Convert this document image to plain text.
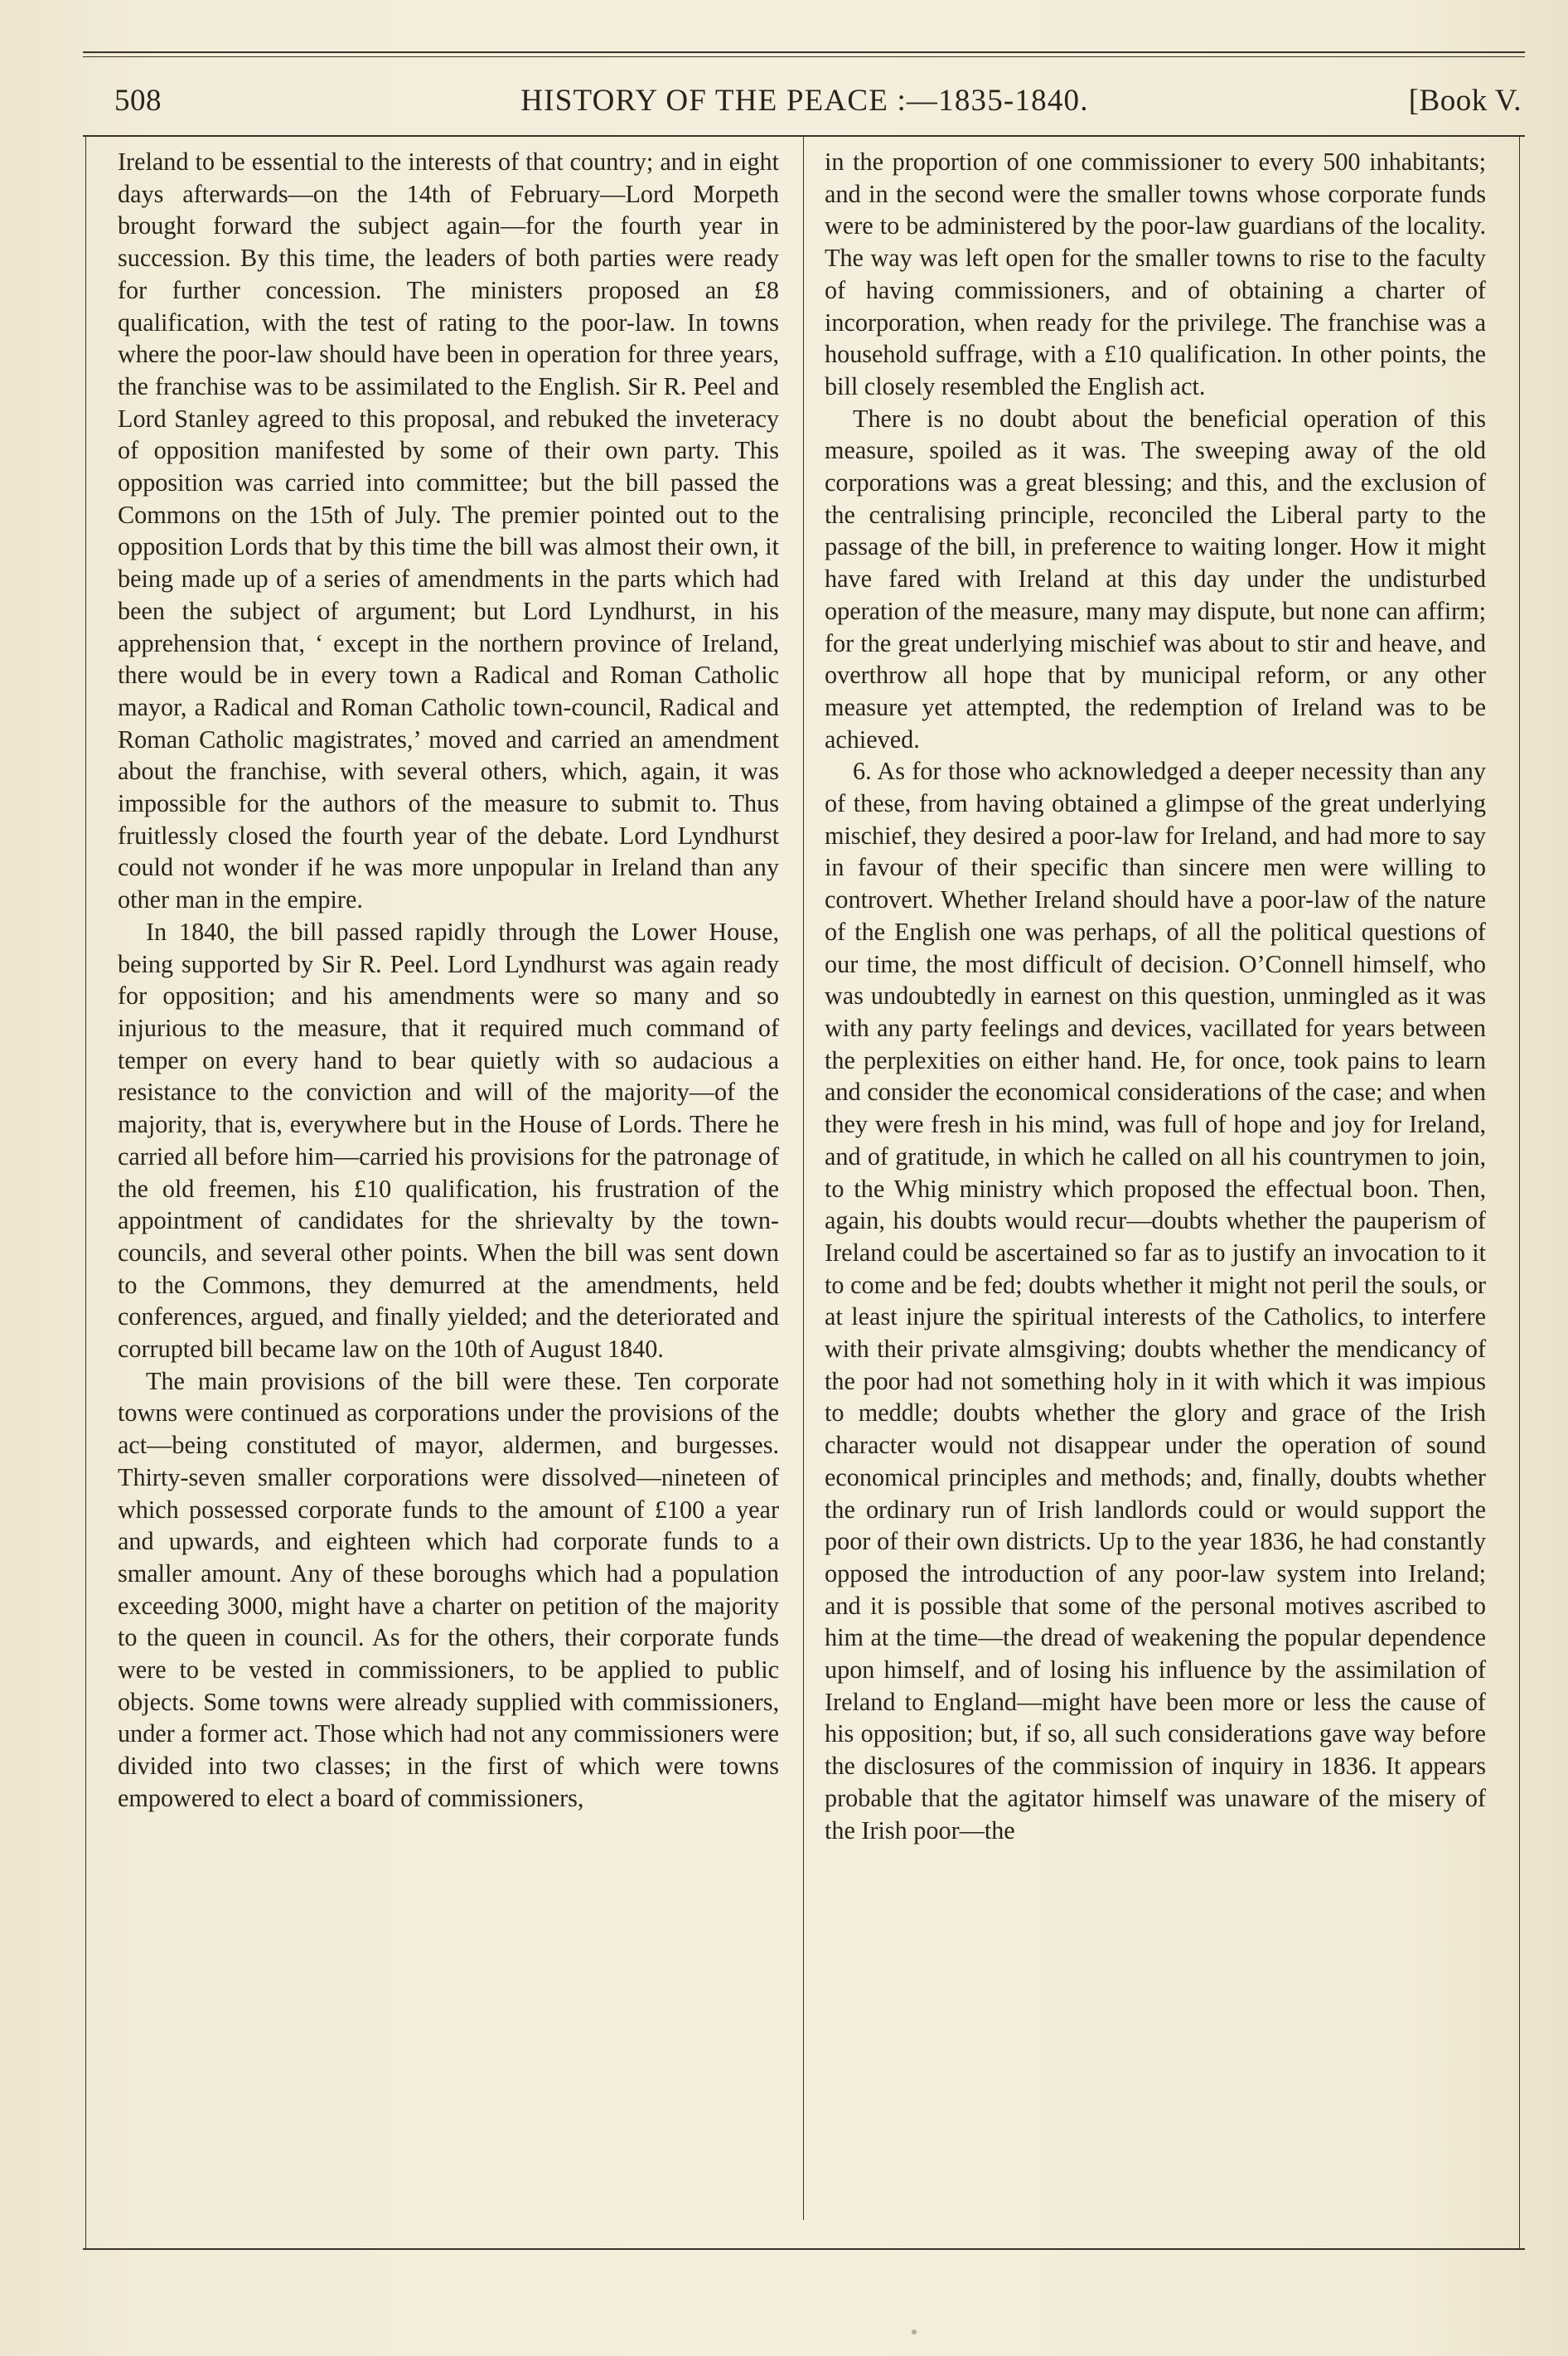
508	HISTORY OF THE PEACE :—1835-1840.	[Book V.

Ireland to be essential to the interests of that country; and in eight days afterwards—on the 14th of February—Lord Morpeth brought forward the subject again—for the fourth year in succession. By this time, the leaders of both parties were ready for further concession. The ministers proposed an £8 qualification, with the test of rating to the poor-law. In towns where the poor-law should have been in operation for three years, the franchise was to be assimilated to the English. Sir R. Peel and Lord Stanley agreed to this proposal, and rebuked the inveteracy of opposition manifested by some of their own party. This opposition was carried into committee; but the bill passed the Commons on the 15th of July. The premier pointed out to the opposition Lords that by this time the bill was almost their own, it being made up of a series of amendments in the parts which had been the subject of argument; but Lord Lyndhurst, in his apprehension that, ‘ except in the northern province of Ireland, there would be in every town a Radical and Roman Catholic mayor, a Radical and Roman Catholic town-council, Radical and Roman Catholic magistrates,’ moved and carried an amendment about the franchise, with several others, which, again, it was impossible for the authors of the measure to submit to. Thus fruitlessly closed the fourth year of the debate. Lord Lyndhurst could not wonder if he was more unpopular in Ireland than any other man in the empire.

In 1840, the bill passed rapidly through the Lower House, being supported by Sir R. Peel. Lord Lyndhurst was again ready for opposition; and his amendments were so many and so injurious to the measure, that it required much command of temper on every hand to bear quietly with so audacious a resistance to the conviction and will of the majority—of the majority, that is, everywhere but in the House of Lords. There he carried all before him—carried his provisions for the patronage of the old freemen, his £10 qualification, his frustration of the appointment of candidates for the shrievalty by the town-councils, and several other points. When the bill was sent down to the Commons, they demurred at the amendments, held conferences, argued, and finally yielded; and the deteriorated and corrupted bill became law on the 10th of August 1840.

The main provisions of the bill were these. Ten corporate towns were continued as corporations under the provisions of the act—being constituted of mayor, aldermen, and burgesses. Thirty-seven smaller corporations were dissolved—nineteen of which possessed corporate funds to the amount of £100 a year and upwards, and eighteen which had corporate funds to a smaller amount. Any of these boroughs which had a population exceeding 3000, might have a charter on petition of the majority to the queen in council. As for the others, their corporate funds were to be vested in commissioners, to be applied to public objects. Some towns were already supplied with commissioners, under a former act. Those which had not any commissioners were divided into two classes; in the first of which were towns empowered to elect a board of commissioners,

in the proportion of one commissioner to every 500 inhabitants; and in the second were the smaller towns whose corporate funds were to be administered by the poor-law guardians of the locality. The way was left open for the smaller towns to rise to the faculty of having commissioners, and of obtaining a charter of incorporation, when ready for the privilege. The franchise was a household suffrage, with a £10 qualification. In other points, the bill closely resembled the English act.

There is no doubt about the beneficial operation of this measure, spoiled as it was. The sweeping away of the old corporations was a great blessing; and this, and the exclusion of the centralising principle, reconciled the Liberal party to the passage of the bill, in preference to waiting longer. How it might have fared with Ireland at this day under the undisturbed operation of the measure, many may dispute, but none can affirm; for the great underlying mischief was about to stir and heave, and overthrow all hope that by municipal reform, or any other measure yet attempted, the redemption of Ireland was to be achieved.

6. As for those who acknowledged a deeper necessity than any of these, from having obtained a glimpse of the great underlying mischief, they desired a poor-law for Ireland, and had more to say in favour of their specific than sincere men were willing to controvert. Whether Ireland should have a poor-law of the nature of the English one was perhaps, of all the political questions of our time, the most difficult of decision. O’Connell himself, who was undoubtedly in earnest on this question, unmingled as it was with any party feelings and devices, vacillated for years between the perplexities on either hand. He, for once, took pains to learn and consider the economical considerations of the case; and when they were fresh in his mind, was full of hope and joy for Ireland, and of gratitude, in which he called on all his countrymen to join, to the Whig ministry which proposed the effectual boon. Then, again, his doubts would recur—doubts whether the pauperism of Ireland could be ascertained so far as to justify an invocation to it to come and be fed; doubts whether it might not peril the souls, or at least injure the spiritual interests of the Catholics, to interfere with their private almsgiving; doubts whether the mendicancy of the poor had not something holy in it with which it was impious to meddle; doubts whether the glory and grace of the Irish character would not disappear under the operation of sound economical principles and methods; and, finally, doubts whether the ordinary run of Irish landlords could or would support the poor of their own districts. Up to the year 1836, he had constantly opposed the introduction of any poor-law system into Ireland; and it is possible that some of the personal motives ascribed to him at the time—the dread of weakening the popular dependence upon himself, and of losing his influence by the assimilation of Ireland to England—might have been more or less the cause of his opposition; but, if so, all such considerations gave way before the disclosures of the commission of inquiry in 1836. It appears probable that the agitator himself was unaware of the misery of the Irish poor—the
